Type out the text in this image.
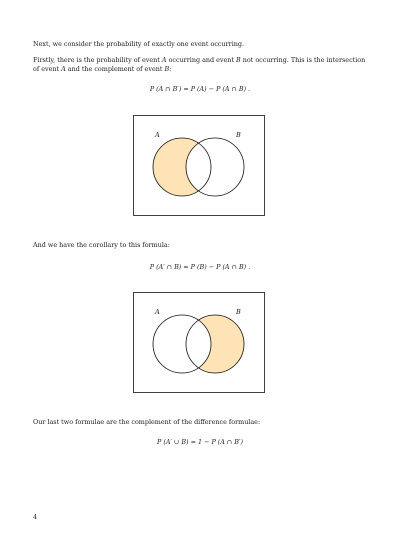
Next, we consider the probability of exactly one event occurring.

Firstly, there is the probability of event A occurring and event B not occurring. This is the intersection
of event A and the complement of event B:

P (A ∩ B′) = P (A) − P (A ∩ B) .
A	B

And we have the corollary to this formula:

P (A′ ∩ B) = P (B) − P (A ∩ B) .
A	B

Our last two formulae are the complement of the difference formulae:

P (A′ ∪ B) = 1 − P (A ∩ B′)
4
